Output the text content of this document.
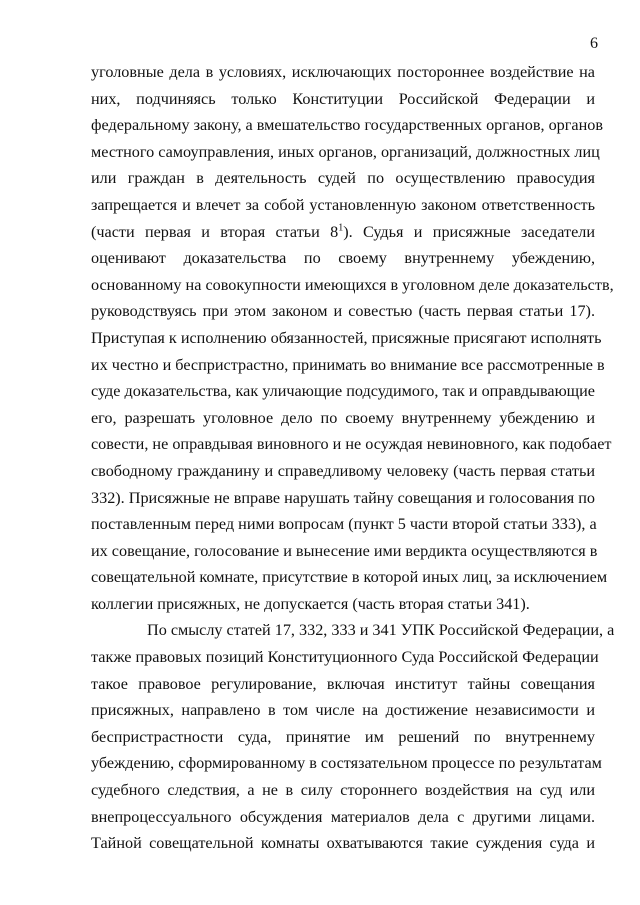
6

уголовные дела в условиях, исключающих постороннее воздействие на
них, подчиняясь только Конституции Российской Федерации и
федеральному закону, а вмешательство государственных органов, органов
местного самоуправления, иных органов, организаций, должностных лиц
или граждан в деятельность судей по осуществлению правосудия
запрещается и влечет за собой установленную законом ответственность
(части первая и вторая статьи $8^1$). Судья и присяжные заседатели
оценивают доказательства по своему внутреннему убеждению,
основанному на совокупности имеющихся в уголовном деле доказательств,
руководствуясь при этом законом и совестью (часть первая статьи 17).
Приступая к исполнению обязанностей, присяжные присягают исполнять
их честно и беспристрастно, принимать во внимание все рассмотренные в
суде доказательства, как уличающие подсудимого, так и оправдывающие
его, разрешать уголовное дело по своему внутреннему убеждению и
совести, не оправдывая виновного и не осуждая невиновного, как подобает
свободному гражданину и справедливому человеку (часть первая статьи
332). Присяжные не вправе нарушать тайну совещания и голосования по
поставленным перед ними вопросам (пункт 5 части второй статьи 333), а
их совещание, голосование и вынесение ими вердикта осуществляются в
совещательной комнате, присутствие в которой иных лиц, за исключением
коллегии присяжных, не допускается (часть вторая статьи 341).

По смыслу статей 17, 332, 333 и 341 УПК Российской Федерации, а
также правовых позиций Конституционного Суда Российской Федерации
такое правовое регулирование, включая институт тайны совещания
присяжных, направлено в том числе на достижение независимости и
беспристрастности суда, принятие им решений по внутреннему
убеждению, сформированному в состязательном процессе по результатам
судебного следствия, а не в силу стороннего воздействия на суд или
внепроцессуального обсуждения материалов дела с другими лицами.
Тайной совещательной комнаты охватываются такие суждения суда и
